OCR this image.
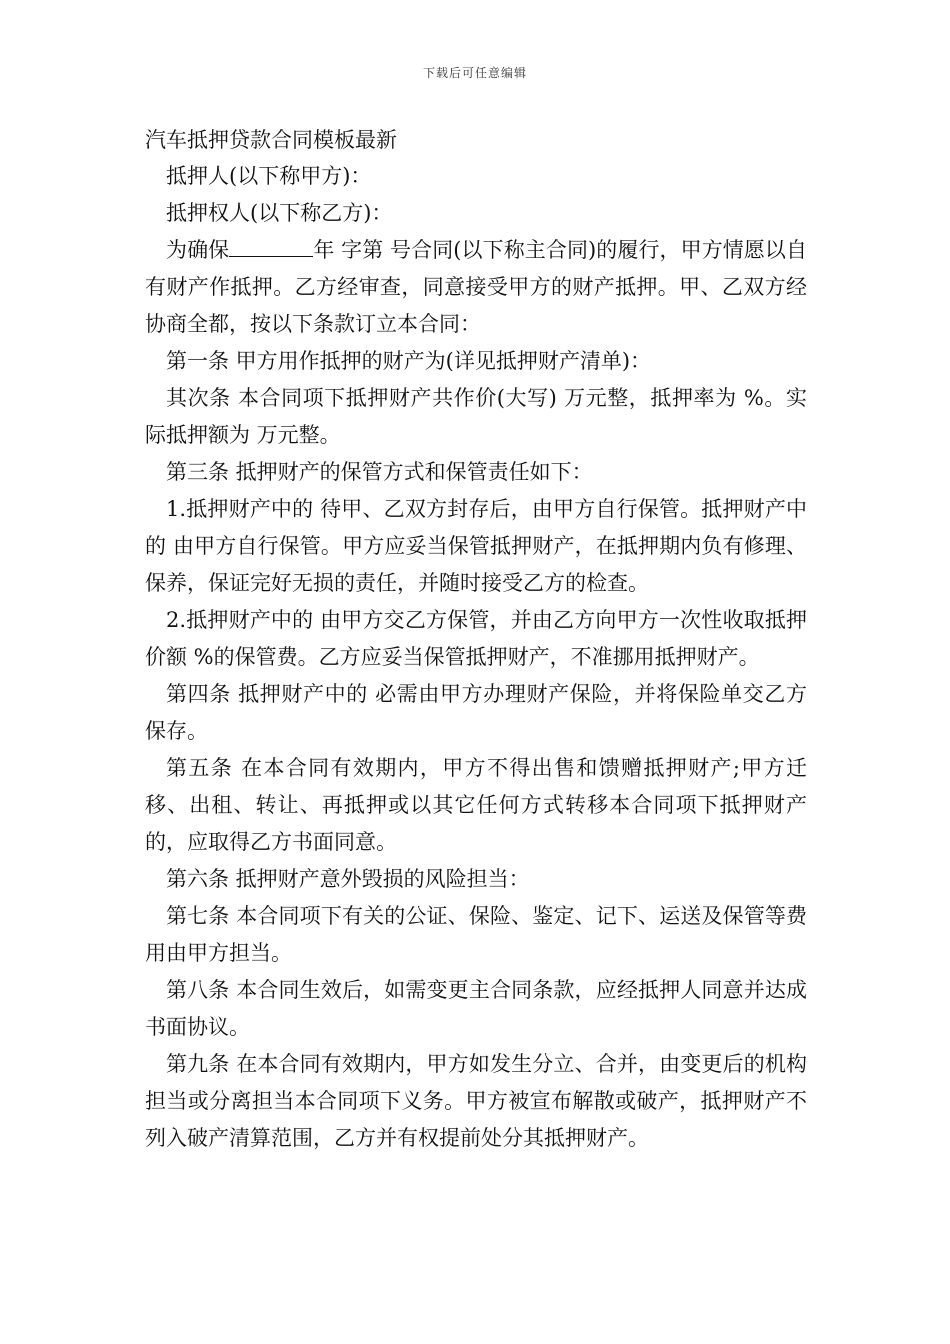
下载后可任意编辑

汽车抵押贷款合同模板最新

抵押人(以下称甲方)：

抵押权人(以下称乙方)：

为确保	年 字第 号合同(以下称主合同)的履行，甲方情愿以自有财产作抵押。乙方经审查，同意接受甲方的财产抵押。甲、乙双方经协商全都，按以下条款订立本合同：

第一条 甲方用作抵押的财产为(详见抵押财产清单)：

其次条 本合同项下抵押财产共作价(大写) 万元整，抵押率为 %。实际抵押额为 万元整。

第三条 抵押财产的保管方式和保管责任如下：

1.抵押财产中的 待甲、乙双方封存后，由甲方自行保管。抵押财产中的 由甲方自行保管。甲方应妥当保管抵押财产，在抵押期内负有修理、保养，保证完好无损的责任，并随时接受乙方的检查。

2.抵押财产中的 由甲方交乙方保管，并由乙方向甲方一次性收取抵押价额 %的保管费。乙方应妥当保管抵押财产，不准挪用抵押财产。

第四条 抵押财产中的 必需由甲方办理财产保险，并将保险单交乙方保存。

第五条 在本合同有效期内，甲方不得出售和馈赠抵押财产;甲方迁移、出租、转让、再抵押或以其它任何方式转移本合同项下抵押财产的，应取得乙方书面同意。

第六条 抵押财产意外毁损的风险担当：

第七条 本合同项下有关的公证、保险、鉴定、记下、运送及保管等费用由甲方担当。

第八条 本合同生效后，如需变更主合同条款，应经抵押人同意并达成书面协议。

第九条 在本合同有效期内，甲方如发生分立、合并，由变更后的机构担当或分离担当本合同项下义务。甲方被宣布解散或破产，抵押财产不列入破产清算范围，乙方并有权提前处分其抵押财产。
